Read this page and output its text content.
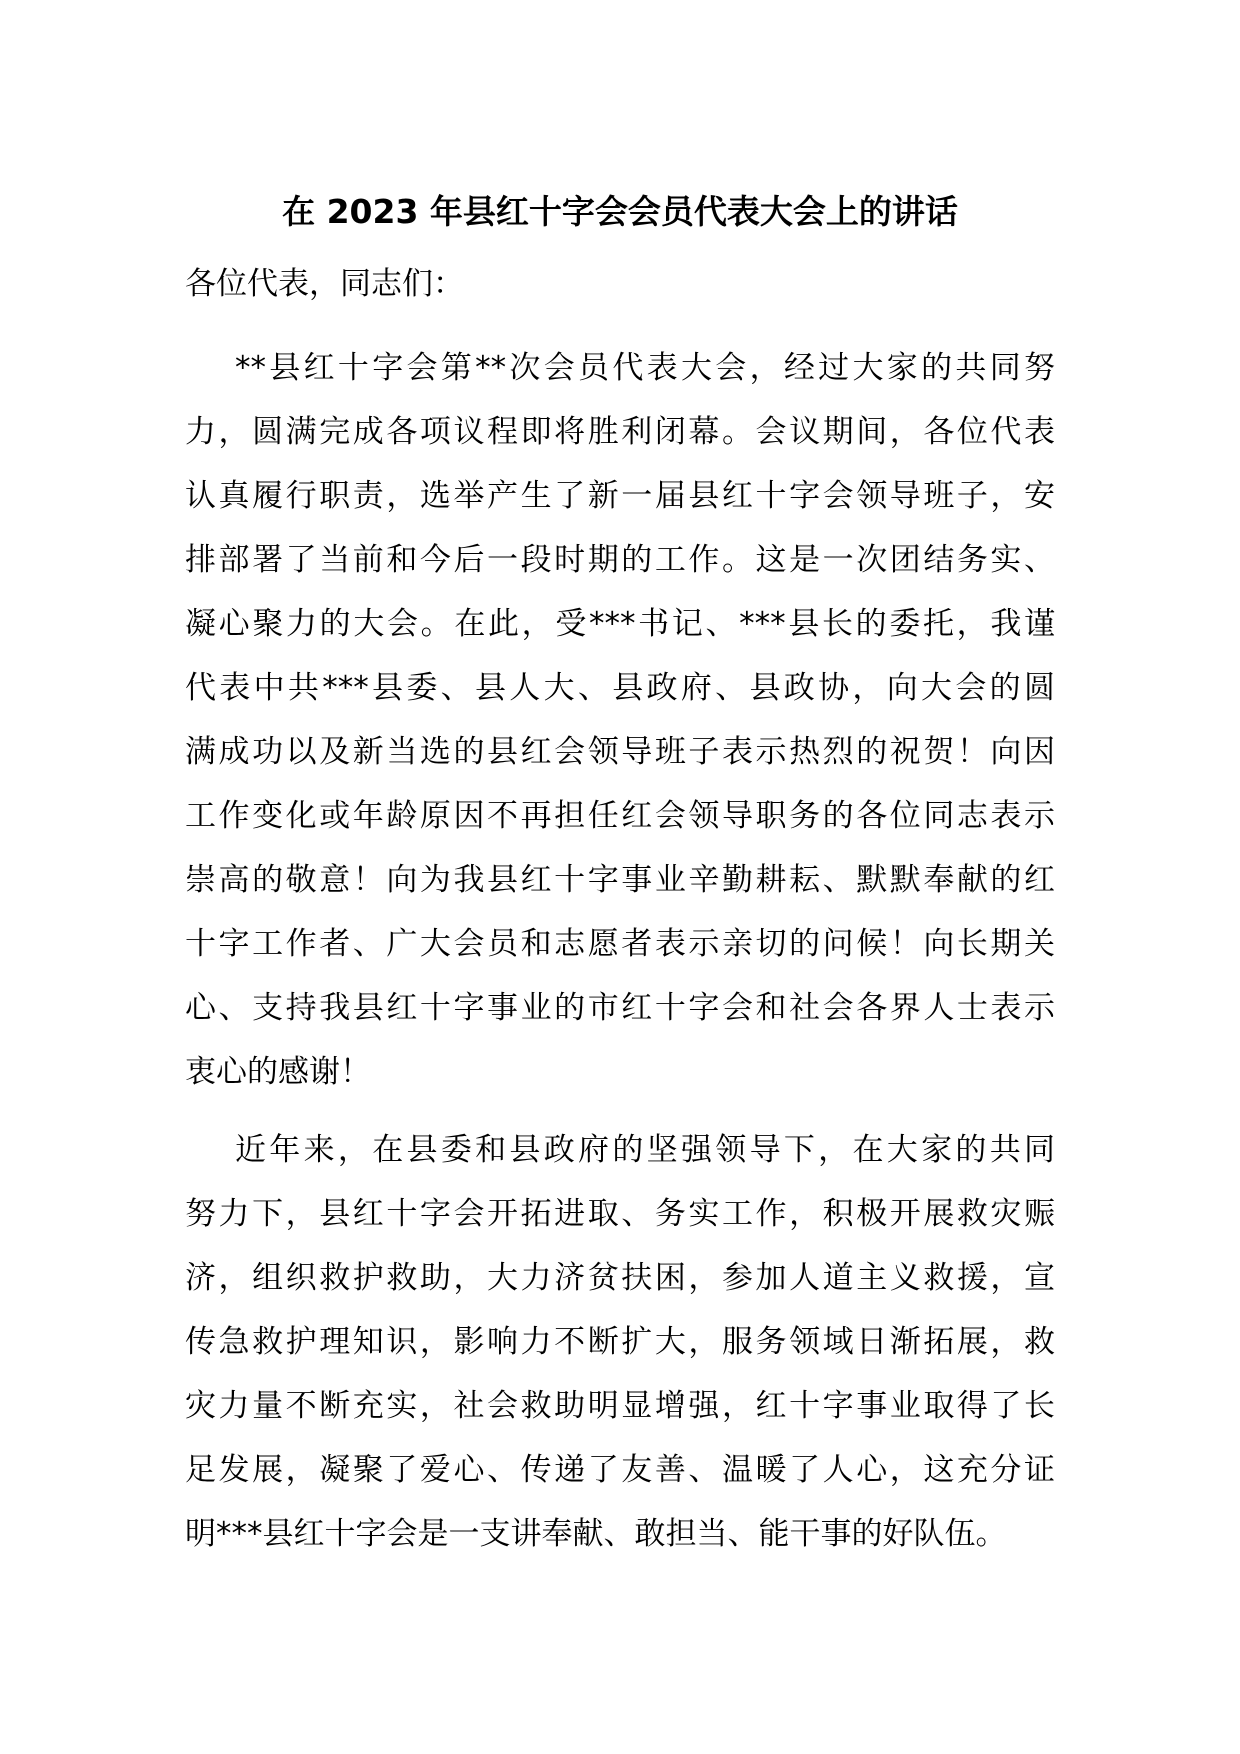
在 2023 年县红十字会会员代表大会上的讲话

各位代表，同志们：

**县红十字会第**次会员代表大会，经过大家的共同努
力，圆满完成各项议程即将胜利闭幕。会议期间，各位代表
认真履行职责，选举产生了新一届县红十字会领导班子，安
排部署了当前和今后一段时期的工作。这是一次团结务实、
凝心聚力的大会。在此，受***书记、***县长的委托，我谨
代表中共***县委、县人大、县政府、县政协，向大会的圆
满成功以及新当选的县红会领导班子表示热烈的祝贺！向因
工作变化或年龄原因不再担任红会领导职务的各位同志表示
崇高的敬意！向为我县红十字事业辛勤耕耘、默默奉献的红
十字工作者、广大会员和志愿者表示亲切的问候！向长期关
心、支持我县红十字事业的市红十字会和社会各界人士表示
衷心的感谢！
近年来，在县委和县政府的坚强领导下，在大家的共同
努力下，县红十字会开拓进取、务实工作，积极开展救灾赈
济，组织救护救助，大力济贫扶困，参加人道主义救援，宣
传急救护理知识，影响力不断扩大，服务领域日渐拓展，救
灾力量不断充实，社会救助明显增强，红十字事业取得了长
足发展，凝聚了爱心、传递了友善、温暖了人心，这充分证
明***县红十字会是一支讲奉献、敢担当、能干事的好队伍。
